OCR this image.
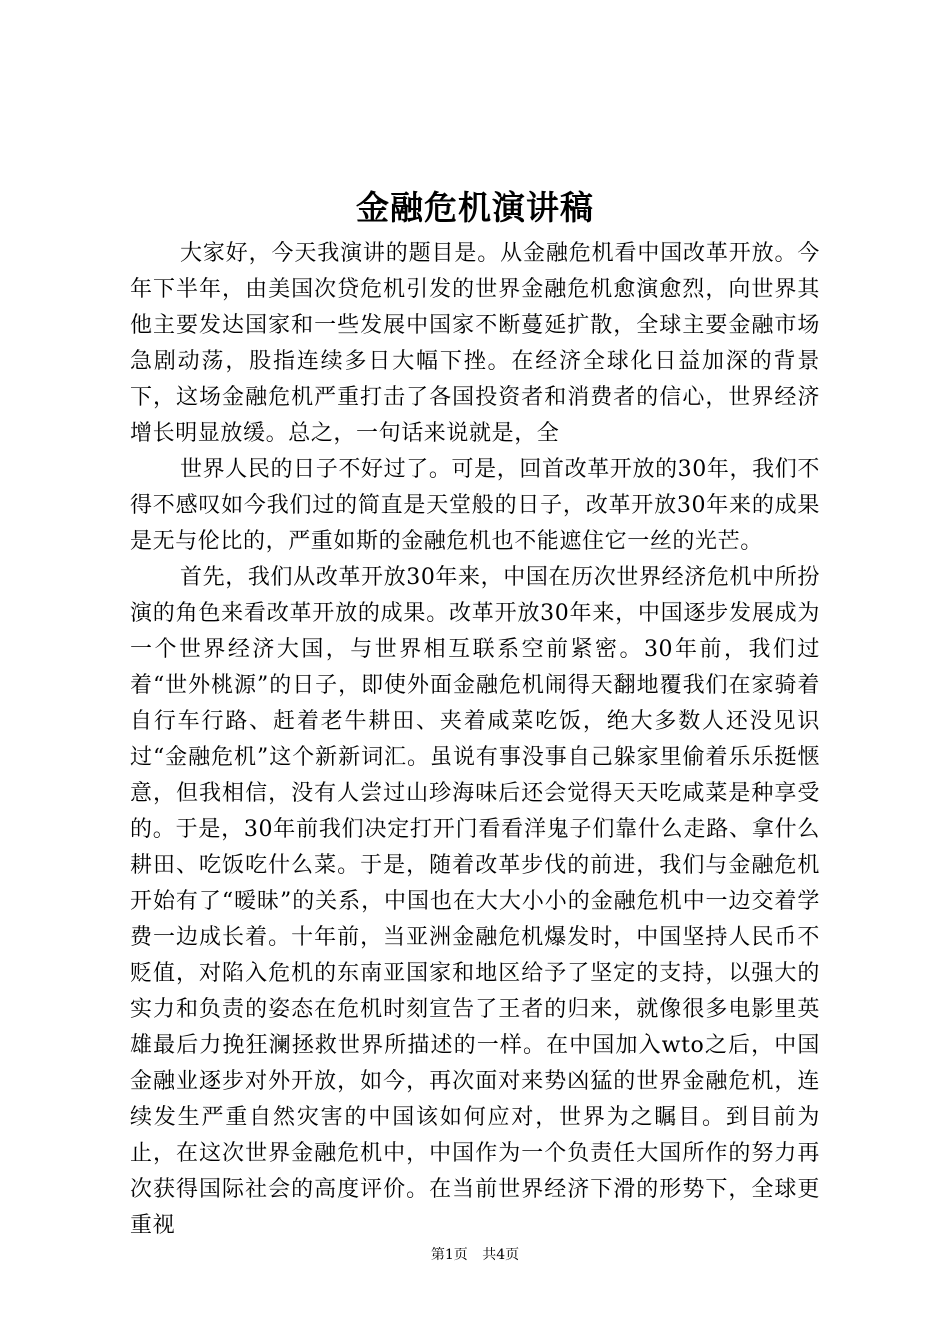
金融危机演讲稿

大家好，今天我演讲的题目是。从金融危机看中国改革开放。今年下半年，由美国次贷危机引发的世界金融危机愈演愈烈，向世界其他主要发达国家和一些发展中国家不断蔓延扩散，全球主要金融市场急剧动荡，股指连续多日大幅下挫。在经济全球化日益加深的背景下，这场金融危机严重打击了各国投资者和消费者的信心，世界经济增长明显放缓。总之，一句话来说就是，全

世界人民的日子不好过了。可是，回首改革开放的30年，我们不得不感叹如今我们过的简直是天堂般的日子，改革开放30年来的成果是无与伦比的，严重如斯的金融危机也不能遮住它一丝的光芒。

首先，我们从改革开放30年来，中国在历次世界经济危机中所扮演的角色来看改革开放的成果。改革开放30年来，中国逐步发展成为一个世界经济大国，与世界相互联系空前紧密。30年前，我们过着“世外桃源”的日子，即使外面金融危机闹得天翻地覆我们在家骑着自行车行路、赶着老牛耕田、夹着咸菜吃饭，绝大多数人还没见识过“金融危机”这个新新词汇。虽说有事没事自己躲家里偷着乐乐挺惬意，但我相信，没有人尝过山珍海味后还会觉得天天吃咸菜是种享受的。于是，30年前我们决定打开门看看洋鬼子们靠什么走路、拿什么耕田、吃饭吃什么菜。于是，随着改革步伐的前进，我们与金融危机开始有了“暧昧”的关系，中国也在大大小小的金融危机中一边交着学费一边成长着。十年前，当亚洲金融危机爆发时，中国坚持人民币不贬值，对陷入危机的东南亚国家和地区给予了坚定的支持，以强大的实力和负责的姿态在危机时刻宣告了王者的归来，就像很多电影里英雄最后力挽狂澜拯救世界所描述的一样。在中国加入wto之后，中国金融业逐步对外开放，如今，再次面对来势凶猛的世界金融危机，连续发生严重自然灾害的中国该如何应对，世界为之瞩目。到目前为止，在这次世界金融危机中，中国作为一个负责任大国所作的努力再次获得国际社会的高度评价。在当前世界经济下滑的形势下，全球更重视

第1页 共4页
